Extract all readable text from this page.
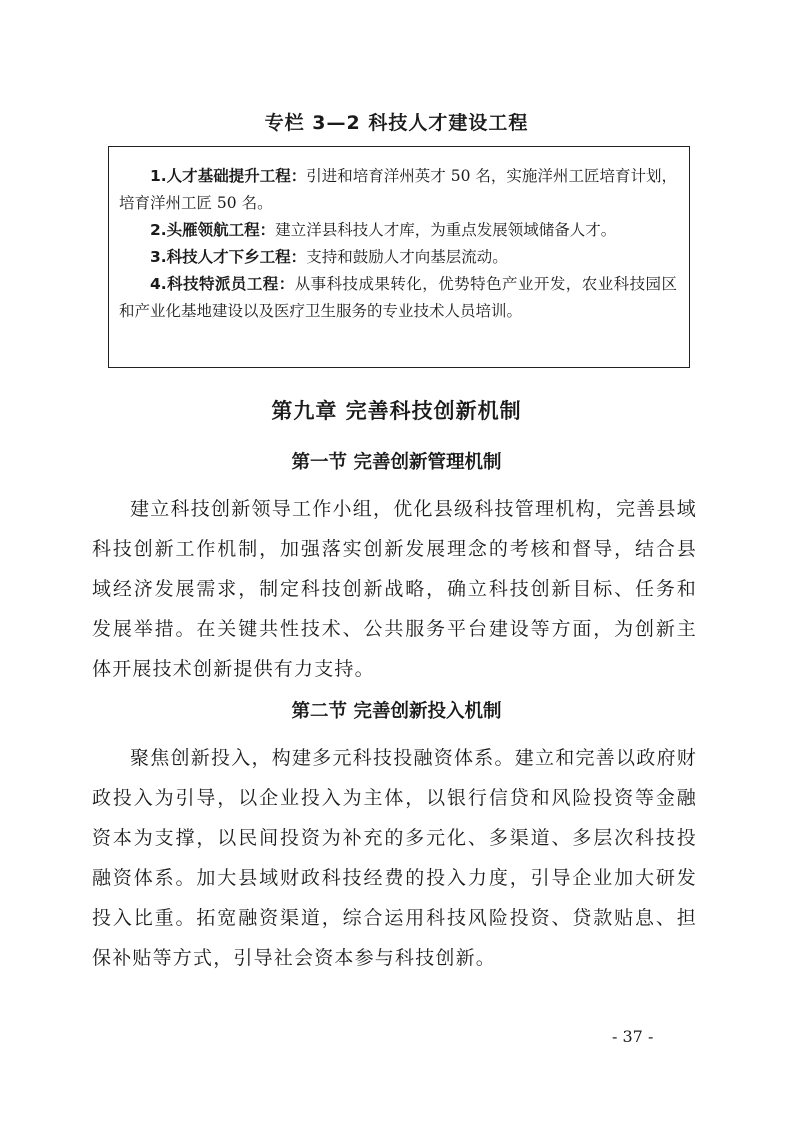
专栏 3—2 科技人才建设工程

1.人才基础提升工程：引进和培育洋州英才 50 名，实施洋州工匠培育计划，培育洋州工匠 50 名。

2.头雁领航工程：建立洋县科技人才库，为重点发展领域储备人才。

3.科技人才下乡工程：支持和鼓励人才向基层流动。

4.科技特派员工程：从事科技成果转化，优势特色产业开发，农业科技园区和产业化基地建设以及医疗卫生服务的专业技术人员培训。

第九章 完善科技创新机制
第一节 完善创新管理机制

建立科技创新领导工作小组，优化县级科技管理机构，完善县域科技创新工作机制，加强落实创新发展理念的考核和督导，结合县域经济发展需求，制定科技创新战略，确立科技创新目标、任务和发展举措。在关键共性技术、公共服务平台建设等方面，为创新主体开展技术创新提供有力支持。

第二节 完善创新投入机制

聚焦创新投入，构建多元科技投融资体系。建立和完善以政府财政投入为引导，以企业投入为主体，以银行信贷和风险投资等金融资本为支撑，以民间投资为补充的多元化、多渠道、多层次科技投融资体系。加大县域财政科技经费的投入力度，引导企业加大研发投入比重。拓宽融资渠道，综合运用科技风险投资、贷款贴息、担保补贴等方式，引导社会资本参与科技创新。

- 37 -
